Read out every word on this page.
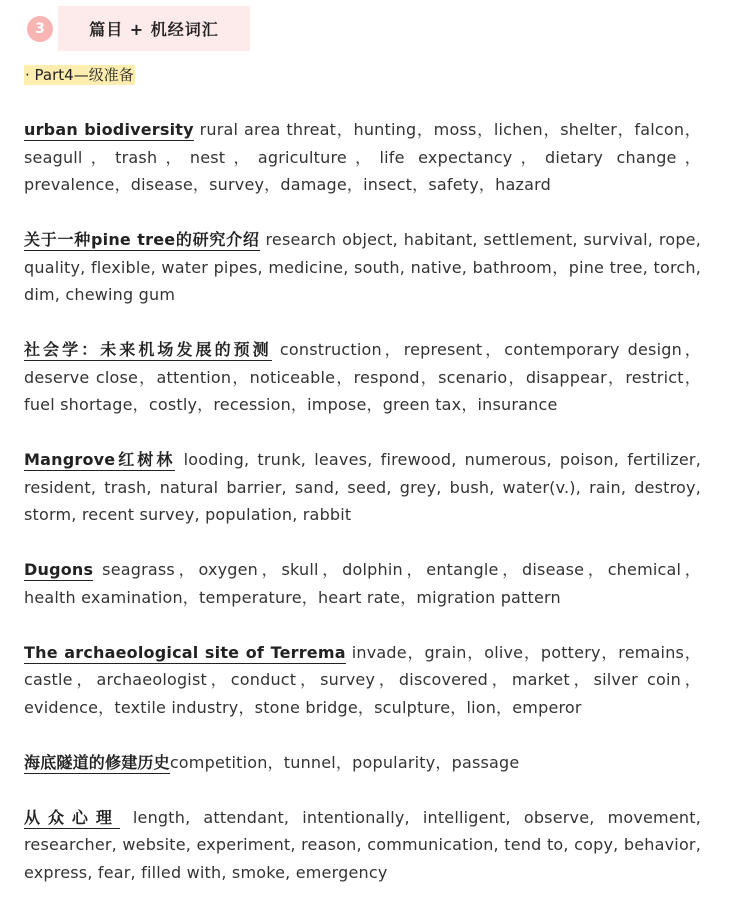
3	篇目 + 机经词汇
· Part4—级准备

urban biodiversity rural area threat，hunting，moss，lichen，shelter，falcon，seagull，trash，nest，agriculture，life expectancy，dietary change，prevalence，disease，survey，damage，insect，safety，hazard

关于一种pine tree的研究介绍 research object, habitant, settlement, survival, rope, quality, flexible, water pipes, medicine, south, native, bathroom，pine tree, torch, dim, chewing gum

社会学：未来机场发展的预测 construction，represent，contemporary design，deserve close，attention，noticeable，respond，scenario，disappear，restrict，fuel shortage，costly，recession，impose，green tax，insurance

Mangrove红树林 looding, trunk, leaves, firewood, numerous, poison, fertilizer, resident, trash, natural barrier, sand, seed, grey, bush, water(v.), rain, destroy, storm, recent survey, population, rabbit

Dugons seagrass，oxygen，skull，dolphin，entangle，disease，chemical，health examination，temperature，heart rate，migration pattern

The archaeological site of Terrema invade，grain，olive，pottery，remains，castle，archaeologist，conduct，survey，discovered，market，silver coin，evidence，textile industry，stone bridge，sculpture，lion，emperor

海底隧道的修建历史competition，tunnel，popularity，passage

从众心理 length, attendant, intentionally, intelligent, observe, movement, researcher, website, experiment, reason, communication, tend to, copy, behavior, express, fear, filled with, smoke, emergency
